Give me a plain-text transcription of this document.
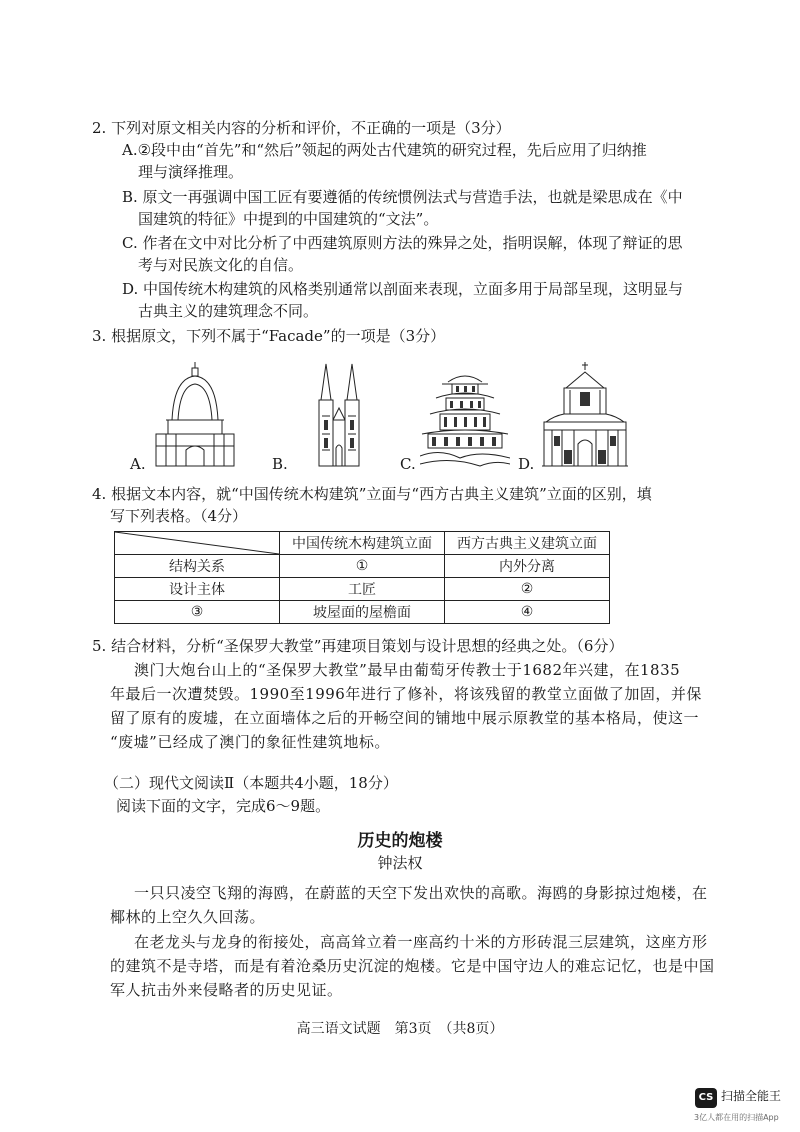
2. 下列对原文相关内容的分析和评价，不正确的一项是（3分）
A.②段中由“首先”和“然后”领起的两处古代建筑的研究过程，先后应用了归纳推
理与演绎推理。
B. 原文一再强调中国工匠有要遵循的传统惯例法式与营造手法，也就是梁思成在《中
国建筑的特征》中提到的中国建筑的“文法”。
C. 作者在文中对比分析了中西建筑原则方法的殊异之处，指明误解，体现了辩证的思
考与对民族文化的自信。
D. 中国传统木构建筑的风格类别通常以剖面来表现，立面多用于局部呈现，这明显与
古典主义的建筑理念不同。
3. 根据原文，下列不属于“Facade”的一项是（3分）
A.	B.	C.	D.
4. 根据文本内容，就“中国传统木构建筑”立面与“西方古典主义建筑”立面的区别，填
写下列表格。（4分）
	中国传统木构建筑立面	西方古典主义建筑立面
结构关系	①	内外分离
设计主体	工匠	②
③	坡屋面的屋檐面	④
5. 结合材料，分析“圣保罗大教堂”再建项目策划与设计思想的经典之处。（6分）
澳门大炮台山上的“圣保罗大教堂”最早由葡萄牙传教士于1682年兴建，在1835
年最后一次遭焚毁。1990至1996年进行了修补，将该残留的教堂立面做了加固，并保
留了原有的废墟，在立面墙体之后的开畅空间的铺地中展示原教堂的基本格局，使这一
“废墟”已经成了澳门的象征性建筑地标。
（二）现代文阅读Ⅱ（本题共4小题，18分）
阅读下面的文字，完成6～9题。
历史的炮楼
钟法权
一只只凌空飞翔的海鸥，在蔚蓝的天空下发出欢快的高歌。海鸥的身影掠过炮楼，在
椰林的上空久久回荡。
在老龙头与龙身的衔接处，高高耸立着一座高约十米的方形砖混三层建筑，这座方形
的建筑不是寺塔，而是有着沧桑历史沉淀的炮楼。它是中国守边人的难忘记忆，也是中国
军人抗击外来侵略者的历史见证。
高三语文试题　第3页　（共8页）
CS 扫描全能王
3亿人都在用的扫描App
